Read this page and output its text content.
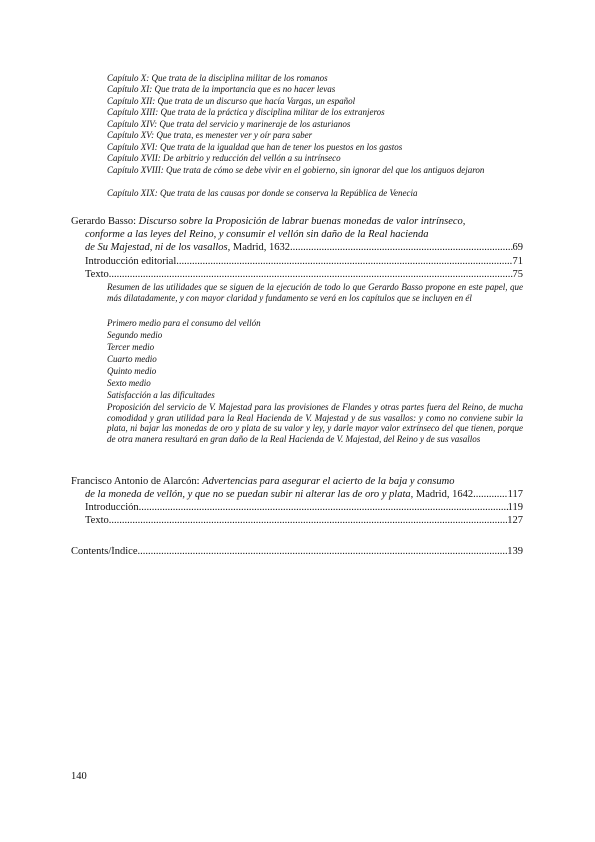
Capítulo X: Que trata de la disciplina militar de los romanos
Capítulo XI: Que trata de la importancia que es no hacer levas
Capítulo XII: Que trata de un discurso que hacía Vargas, un español
Capítulo XIII: Que trata de la práctica y disciplina militar de los extranjeros
Capítulo XIV: Que trata del servicio y marineraje de los asturianos
Capítulo XV: Que trata, es menester ver y oír para saber
Capítulo XVI: Que trata de la igualdad que han de tener los puestos en los gastos
Capítulo XVII: De arbitrio y reducción del vellón a su intrínseco
Capítulo XVIII: Que trata de cómo se debe vivir en el gobierno, sin ignorar del que los antiguos dejaron
Capítulo XIX: Que trata de las causas por donde se conserva la República de Venecia
Gerardo Basso: Discurso sobre la Proposición de labrar buenas monedas de valor intrínseco,
conforme a las leyes del Reino, y consumir el vellón sin daño de la Real hacienda
de Su Majestad, ni de los vasallos, Madrid, 1632 .....	69
Introducción editorial .....	71
Texto .....	75
Resumen de las utilidades que se siguen de la ejecución de todo lo que Gerardo Basso propone en este papel, que más dilatadamente, y con mayor claridad y fundamento se verá en los capítulos que se incluyen en él
Primero medio para el consumo del vellón
Segundo medio
Tercer medio
Cuarto medio
Quinto medio
Sexto medio
Satisfacción a las dificultades
Proposición del servicio de V. Majestad para las provisiones de Flandes y otras partes fuera del Reino, de mucha comodidad y gran utilidad para la Real Hacienda de V. Majestad y de sus vasallos: y como no conviene subir la plata, ni bajar las monedas de oro y plata de su valor y ley, y darle mayor valor extrínseco del que tienen, porque de otra manera resultará en gran daño de la Real Hacienda de V. Majestad, del Reino y de sus vasallos
Francisco Antonio de Alarcón: Advertencias para asegurar el acierto de la baja y consumo
de la moneda de vellón, y que no se puedan subir ni alterar las de oro y plata, Madrid, 1642 .....	117
Introducción .....	119
Texto .....	127
Contents/Índice .....	139
140
